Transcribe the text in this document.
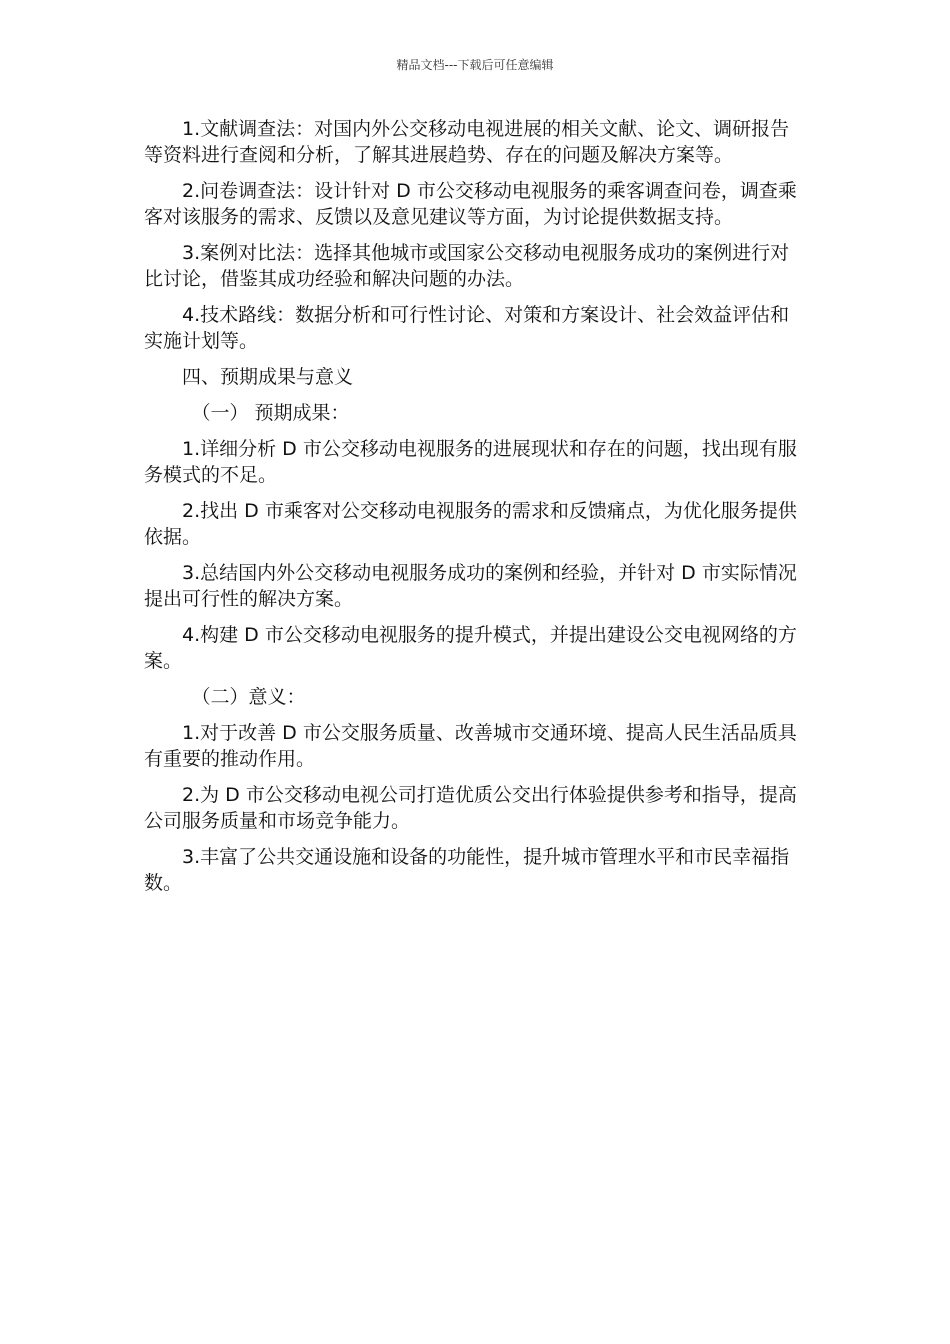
精品文档---下载后可任意编辑

1.文献调查法：对国内外公交移动电视进展的相关文献、论文、调研报告等资料进行查阅和分析，了解其进展趋势、存在的问题及解决方案等。

2.问卷调查法：设计针对 D 市公交移动电视服务的乘客调查问卷，调查乘客对该服务的需求、反馈以及意见建议等方面，为讨论提供数据支持。

3.案例对比法：选择其他城市或国家公交移动电视服务成功的案例进行对比讨论，借鉴其成功经验和解决问题的办法。

4.技术路线：数据分析和可行性讨论、对策和方案设计、社会效益评估和实施计划等。

四、预期成果与意义

（一） 预期成果：

1.详细分析 D 市公交移动电视服务的进展现状和存在的问题，找出现有服务模式的不足。

2.找出 D 市乘客对公交移动电视服务的需求和反馈痛点，为优化服务提供依据。

3.总结国内外公交移动电视服务成功的案例和经验，并针对 D 市实际情况提出可行性的解决方案。

4.构建 D 市公交移动电视服务的提升模式，并提出建设公交电视网络的方案。

（二）意义：

1.对于改善 D 市公交服务质量、改善城市交通环境、提高人民生活品质具有重要的推动作用。

2.为 D 市公交移动电视公司打造优质公交出行体验提供参考和指导，提高公司服务质量和市场竞争能力。

3.丰富了公共交通设施和设备的功能性，提升城市管理水平和市民幸福指数。
